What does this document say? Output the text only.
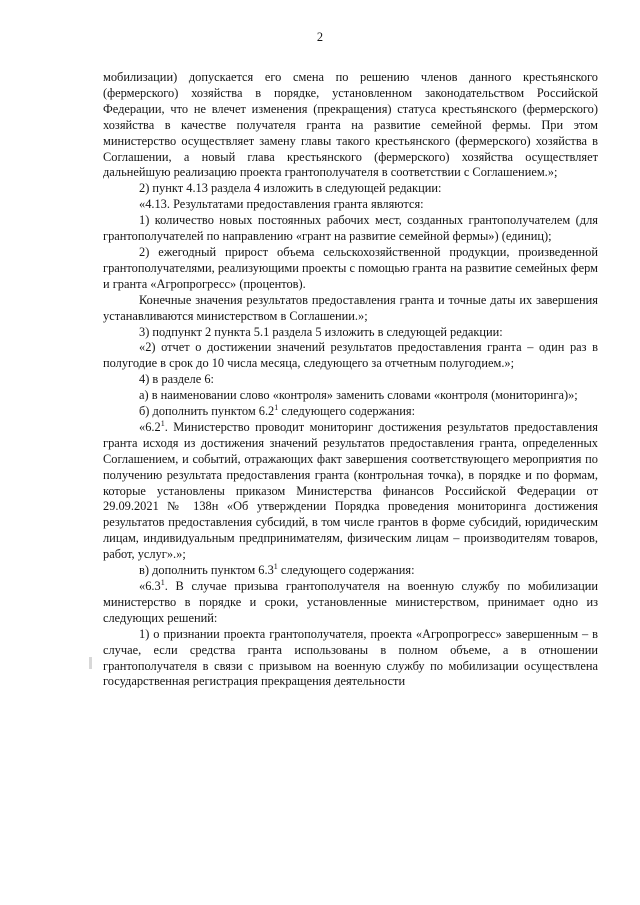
2

мобилизации) допускается его смена по решению членов данного крестьянского (фермерского) хозяйства в порядке, установленном законодательством Российской Федерации, что не влечет изменения (прекращения) статуса крестьянского (фермерского) хозяйства в качестве получателя гранта на развитие семейной фермы. При этом министерство осуществляет замену главы такого крестьянского (фермерского) хозяйства в Соглашении, а новый глава крестьянского (фермерского) хозяйства осуществляет дальнейшую реализацию проекта грантополучателя в соответствии с Соглашением.»;

2) пункт 4.13 раздела 4 изложить в следующей редакции:

«4.13. Результатами предоставления гранта являются:

1) количество новых постоянных рабочих мест, созданных грантополучателем (для грантополучателей по направлению «грант на развитие семейной фермы») (единиц);

2) ежегодный прирост объема сельскохозяйственной продукции, произведенной грантополучателями, реализующими проекты с помощью гранта на развитие семейных ферм и гранта «Агропрогресс» (процентов).

Конечные значения результатов предоставления гранта и точные даты их завершения устанавливаются министерством в Соглашении.»;

3) подпункт 2 пункта 5.1 раздела 5 изложить в следующей редакции:

«2) отчет о достижении значений результатов предоставления гранта – один раз в полугодие в срок до 10 числа месяца, следующего за отчетным полугодием.»;

4) в разделе 6:

а) в наименовании слово «контроля» заменить словами «контроля (мониторинга)»;

б) дополнить пунктом $6.2^1$ следующего содержания:

«$6.2^1$. Министерство проводит мониторинг достижения результатов предоставления гранта исходя из достижения значений результатов предоставления гранта, определенных Соглашением, и событий, отражающих факт завершения соответствующего мероприятия по получению результата предоставления гранта (контрольная точка), в порядке и по формам, которые установлены приказом Министерства финансов Российской Федерации от 29.09.2021 № 138н «Об утверждении Порядка проведения мониторинга достижения результатов предоставления субсидий, в том числе грантов в форме субсидий, юридическим лицам, индивидуальным предпринимателям, физическим лицам – производителям товаров, работ, услуг».»;

в) дополнить пунктом $6.3^1$ следующего содержания:

«$6.3^1$. В случае призыва грантополучателя на военную службу по мобилизации министерство в порядке и сроки, установленные министерством, принимает одно из следующих решений:

1) о признании проекта грантополучателя, проекта «Агропрогресс» завершенным – в случае, если средства гранта использованы в полном объеме, а в отношении грантополучателя в связи с призывом на военную службу по мобилизации осуществлена государственная регистрация прекращения деятельности
